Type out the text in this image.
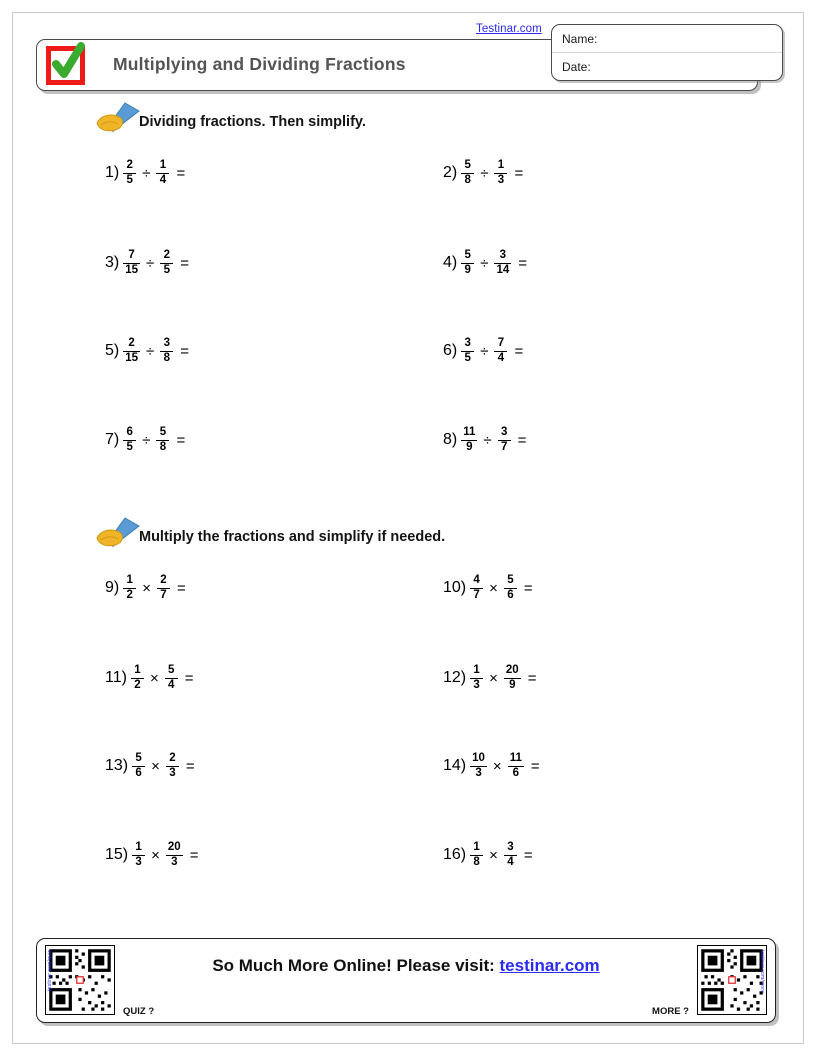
Testinar.com
Multiplying and Dividing Fractions
Name:
Date:
Dividing fractions. Then simplify.
Multiply the fractions and simplify if needed.
$1) \frac{2}{5} \div \frac{1}{4}$ =	$2) \frac{5}{8} \div \frac{1}{3}$ =
$3) \frac{7}{15} \div \frac{2}{5}$ =	$4) \frac{5}{9} \div \frac{3}{14}$ =
$5) \frac{2}{15} \div \frac{3}{8}$ =	$6) \frac{3}{5} \div \frac{7}{4}$ =
$7) \frac{6}{5} \div \frac{5}{8}$ =	$8) \frac{11}{9} \div \frac{3}{7}$ =
$9) \frac{1}{2} \times \frac{2}{7}$ =	$10) \frac{4}{7} \times \frac{5}{6}$ =
$11) \frac{1}{2} \times \frac{5}{4}$ =	$12) \frac{1}{3} \times \frac{20}{9}$ =
$13) \frac{5}{6} \times \frac{2}{3}$ =	$14) \frac{10}{3} \times \frac{11}{6}$ =
$15) \frac{1}{3} \times \frac{20}{3}$ =	$16) \frac{1}{8} \times \frac{3}{4}$ =
testinar.com/quiz	So Much More Online! Please visit: testinar.com
QUIZ ?	MORE ?
testinar.com/more
